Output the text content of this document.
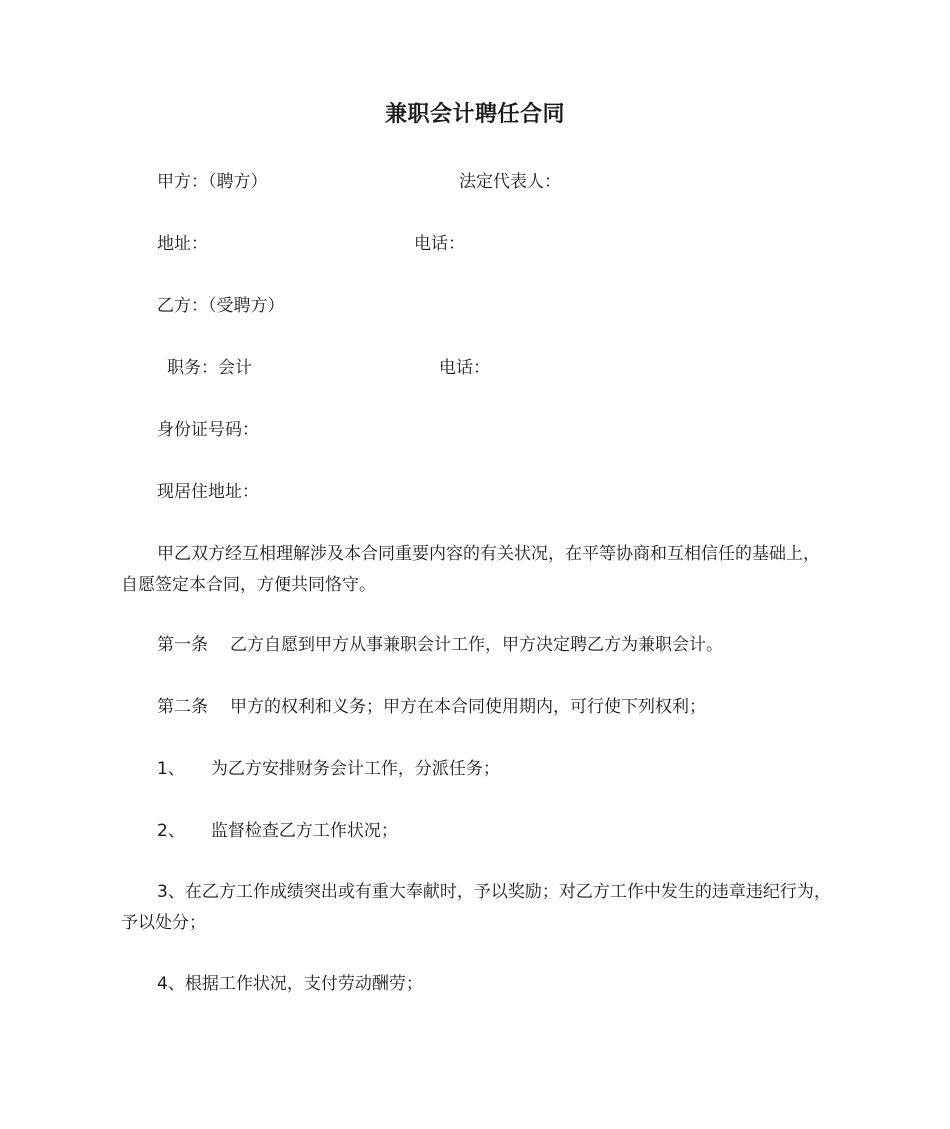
兼职会计聘任合同
甲方：（聘方）	法定代表人：
地址：	电话：
乙方：（受聘方）
职务：会计	电话：
身份证号码：
现居住地址：
甲乙双方经互相理解涉及本合同重要内容的有关状况，在平等协商和互相信任的基础上，自愿签定本合同，方便共同恪守。
第一条 乙方自愿到甲方从事兼职会计工作，甲方决定聘乙方为兼职会计。
第二条 甲方的权利和义务；甲方在本合同使用期内，可行使下列权利；
1、 为乙方安排财务会计工作，分派任务；
2、 监督检查乙方工作状况；
3、在乙方工作成绩突出或有重大奉献时，予以奖励；对乙方工作中发生的违章违纪行为，予以处分；
4、根据工作状况，支付劳动酬劳；
